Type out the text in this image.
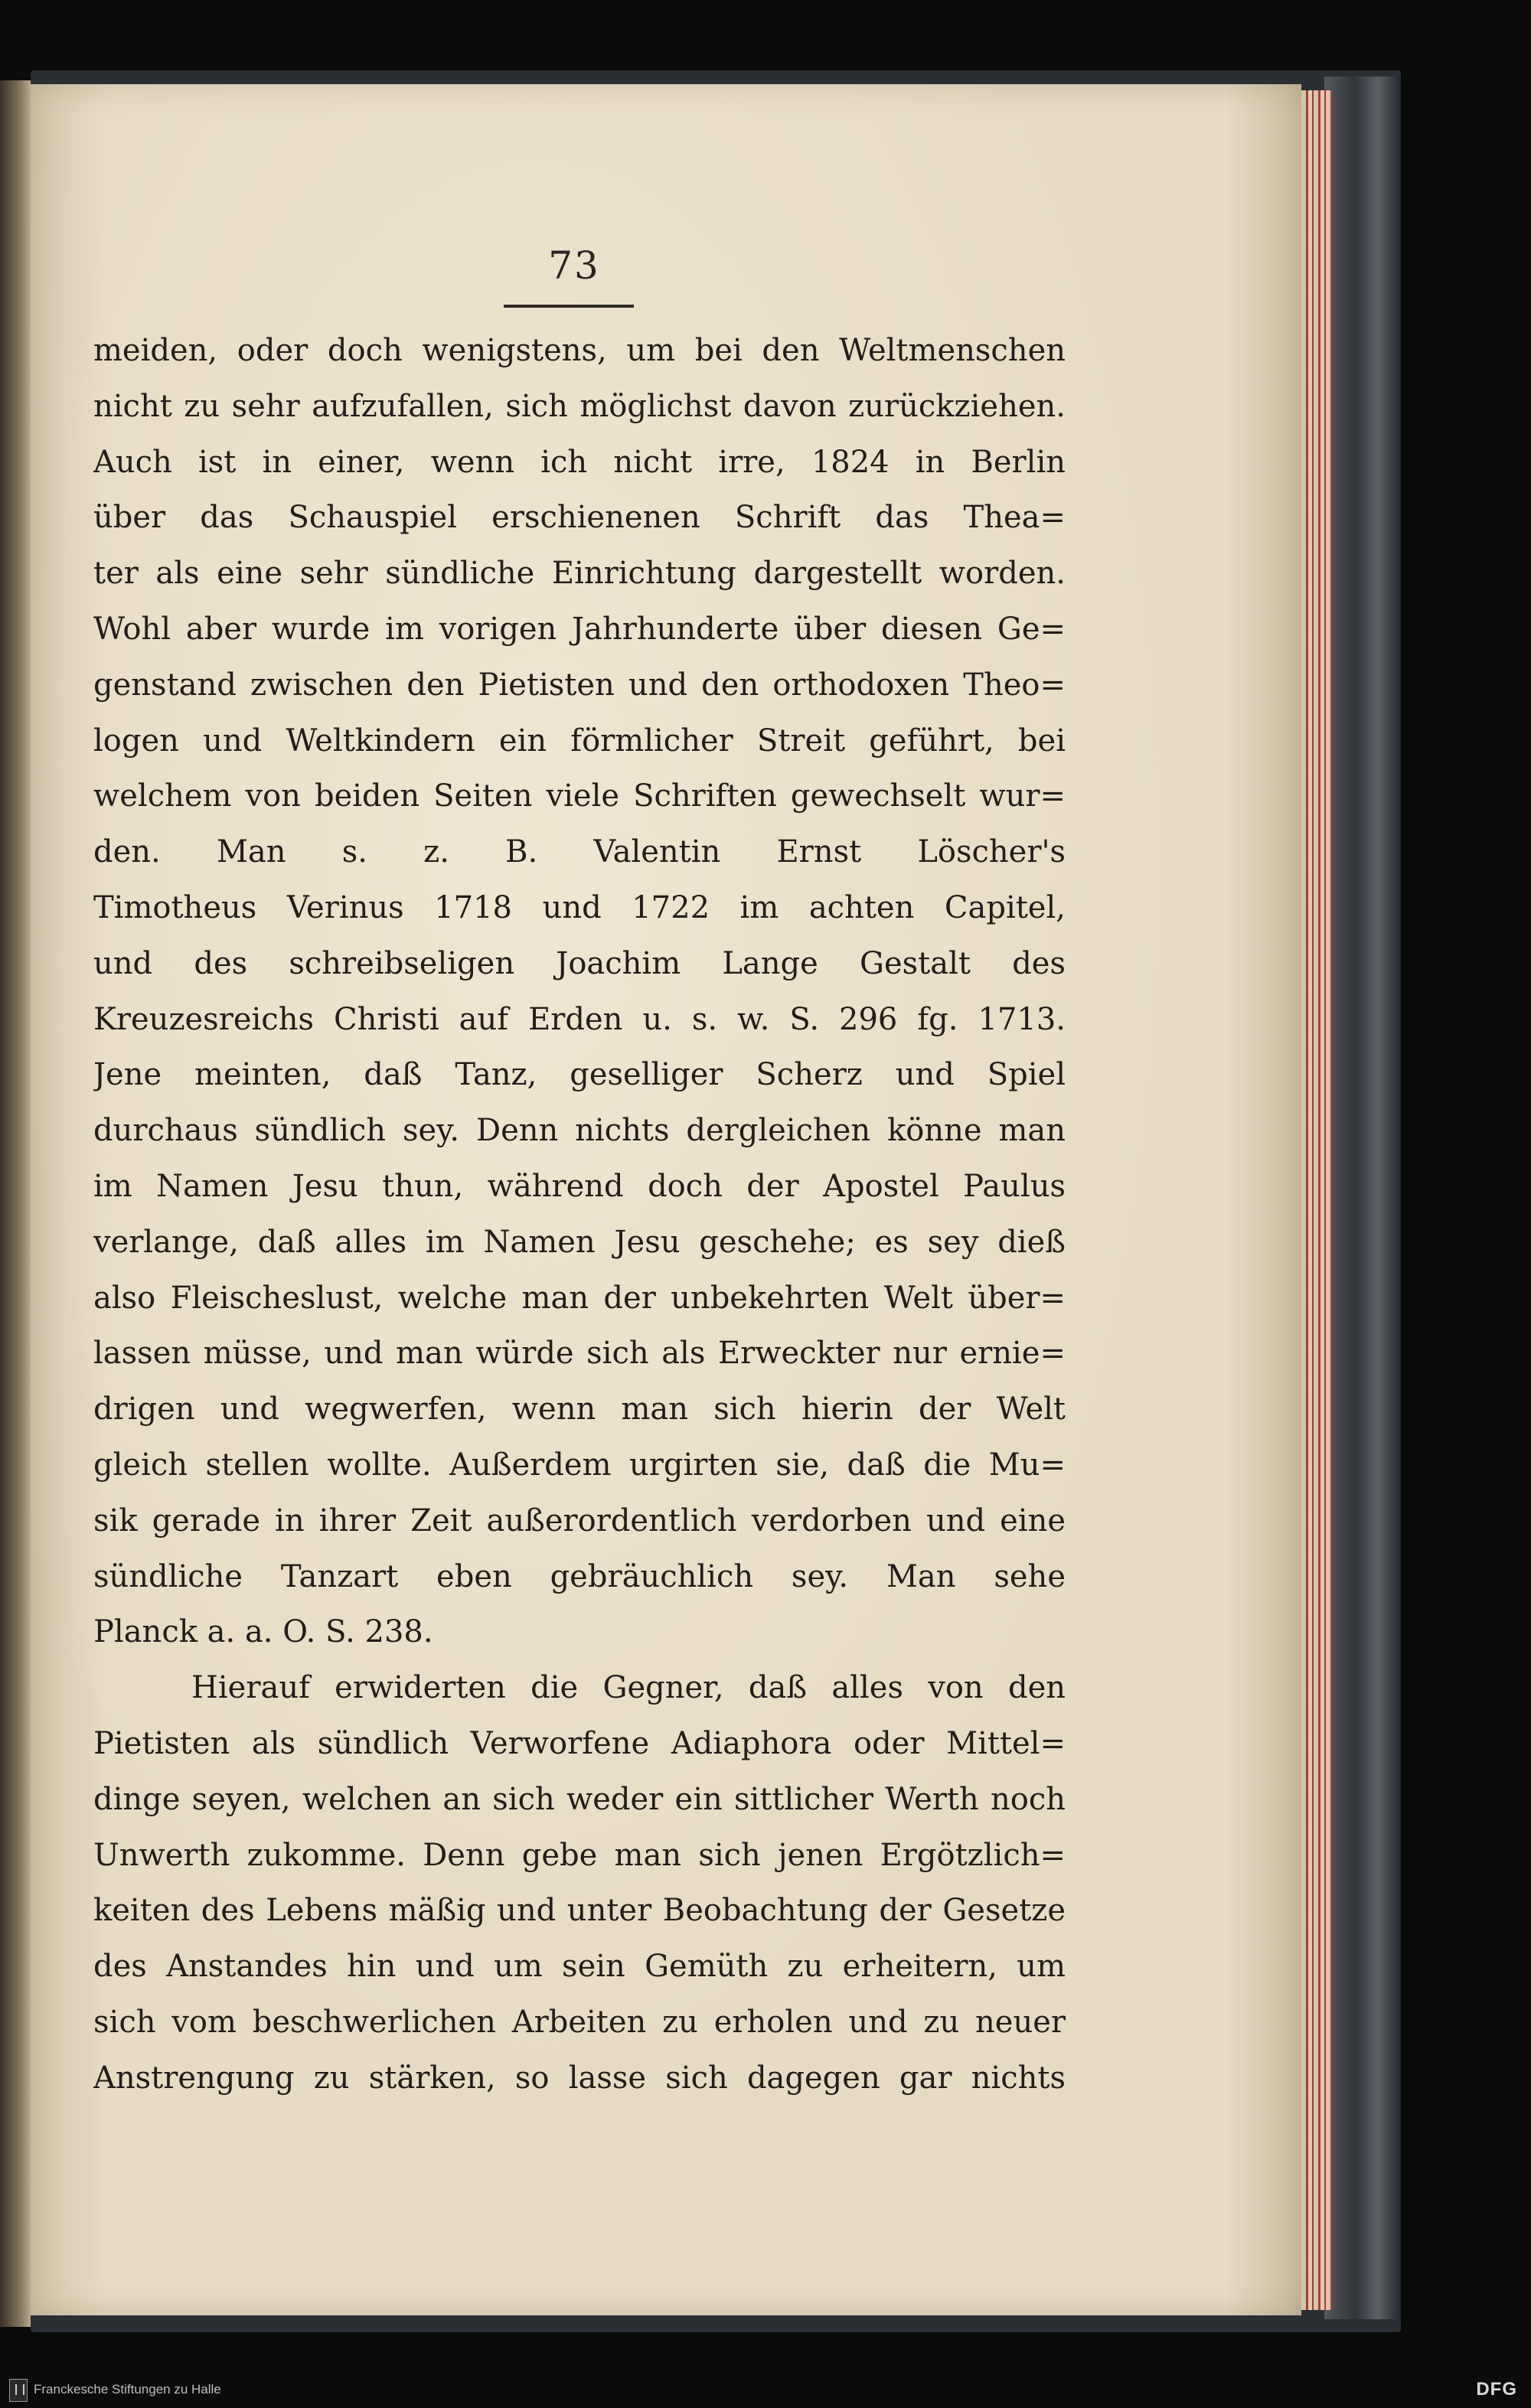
73
meiden, oder doch wenigstens, um bei den Weltmenschen
nicht zu sehr aufzufallen, sich möglichst davon zurückziehen.
Auch ist in einer, wenn ich nicht irre, 1824 in Berlin
über das Schauspiel erschienenen Schrift das Thea=
ter als eine sehr sündliche Einrichtung dargestellt worden.
Wohl aber wurde im vorigen Jahrhunderte über diesen Ge=
genstand zwischen den Pietisten und den orthodoxen Theo=
logen und Weltkindern ein förmlicher Streit geführt, bei
welchem von beiden Seiten viele Schriften gewechselt wur=
den. Man s. z. B. Valentin Ernst Löscher's
Timotheus Verinus 1718 und 1722 im achten Capitel,
und des schreibseligen Joachim Lange Gestalt des
Kreuzesreichs Christi auf Erden u. s. w. S. 296 fg. 1713.
Jene meinten, daß Tanz, geselliger Scherz und Spiel
durchaus sündlich sey. Denn nichts dergleichen könne man
im Namen Jesu thun, während doch der Apostel Paulus
verlange, daß alles im Namen Jesu geschehe; es sey dieß
also Fleischeslust, welche man der unbekehrten Welt über=
lassen müsse, und man würde sich als Erweckter nur ernie=
drigen und wegwerfen, wenn man sich hierin der Welt
gleich stellen wollte. Außerdem urgirten sie, daß die Mu=
sik gerade in ihrer Zeit außerordentlich verdorben und eine
sündliche Tanzart eben gebräuchlich sey. Man sehe
Planck a. a. O. S. 238.
Hierauf erwiderten die Gegner, daß alles von den
Pietisten als sündlich Verworfene Adiaphora oder Mittel=
dinge seyen, welchen an sich weder ein sittlicher Werth noch
Unwerth zukomme. Denn gebe man sich jenen Ergötzlich=
keiten des Lebens mäßig und unter Beobachtung der Gesetze
des Anstandes hin und um sein Gemüth zu erheitern, um
sich vom beschwerlichen Arbeiten zu erholen und zu neuer
Anstrengung zu stärken, so lasse sich dagegen gar nichts
Franckesche Stiftungen zu Halle	DFG
